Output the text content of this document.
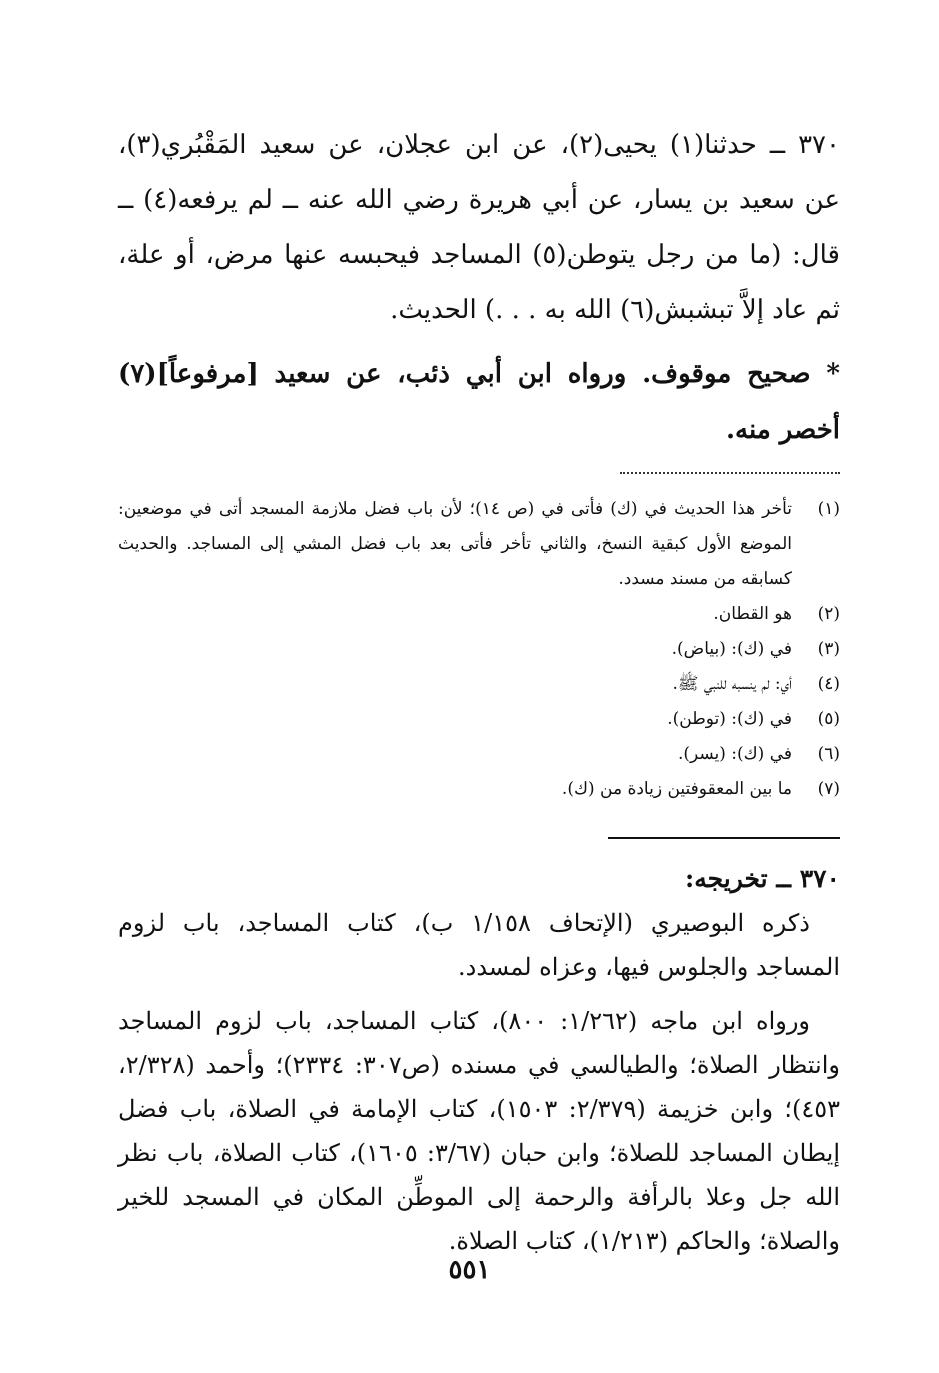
٣٧٠ ــ حدثنا(١) يحيى(٢)، عن ابن عجلان، عن سعيد المَقْبُري(٣)، عن سعيد بن يسار، عن أبي هريرة رضي الله عنه ــ لم يرفعه(٤) ــ قال: (ما من رجل يتوطن(٥) المساجد فيحبسه عنها مرض، أو علة، ثم عاد إلاَّ تبشبش(٦) الله به . . .) الحديث.

* صحيح موقوف. ورواه ابن أبي ذئب، عن سعيد [مرفوعاً](٧) أخصر منه.

(١)
تأخر هذا الحديث في (ك) فأتى في (ص ١٤)؛ لأن باب فضل ملازمة المسجد أتى في موضعين: الموضع الأول كبقية النسخ، والثاني تأخر فأتى بعد باب فضل المشي إلى المساجد. والحديث كسابقه من مسند مسدد.
(٢)
هو القطان.
(٣)
في (ك): (بياض).
(٤)
أي: لم ينسبه للنبي ﷺ.
(٥)
في (ك): (توطن).
(٦)
في (ك): (يسر).
(٧)
ما بين المعقوفتين زيادة من (ك).
٣٧٠ ــ تخريجه:

ذكره البوصيري (الإتحاف ١/١٥٨ ب)، كتاب المساجد، باب لزوم المساجد والجلوس فيها، وعزاه لمسدد.

ورواه ابن ماجه (١/٢٦٢: ٨٠٠)، كتاب المساجد، باب لزوم المساجد وانتظار الصلاة؛ والطيالسي في مسنده (ص٣٠٧: ٢٣٣٤)؛ وأحمد (٢/٣٢٨، ٤٥٣)؛ وابن خزيمة (٢/٣٧٩: ١٥٠٣)، كتاب الإمامة في الصلاة، باب فضل إيطان المساجد للصلاة؛ وابن حبان (٣/٦٧: ١٦٠٥)، كتاب الصلاة، باب نظر الله جل وعلا بالرأفة والرحمة إلى الموطِّن المكان في المسجد للخير والصلاة؛ والحاكم (١/٢١٣)، كتاب الصلاة.

٥٥١
